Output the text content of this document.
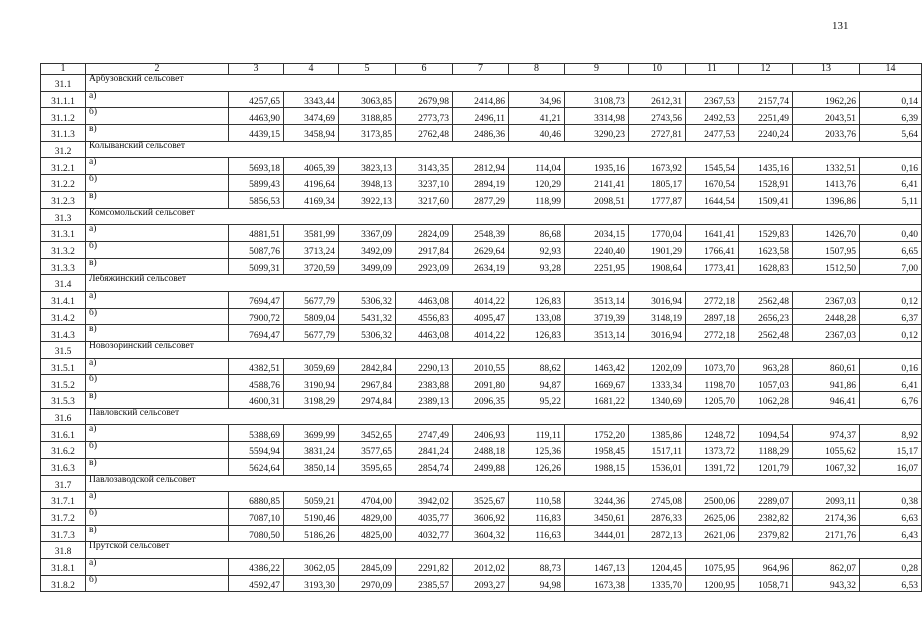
131
1	2	3	4	5	6	7	8	9	10	11	12	13	14
31.1	Арбузовский сельсовет												
31.1.1	а)	4257,65	3343,44	3063,85	2679,98	2414,86	34,96	3108,73	2612,31	2367,53	2157,74	1962,26	0,14
31.1.2	б)	4463,90	3474,69	3188,85	2773,73	2496,11	41,21	3314,98	2743,56	2492,53	2251,49	2043,51	6,39
31.1.3	в)	4439,15	3458,94	3173,85	2762,48	2486,36	40,46	3290,23	2727,81	2477,53	2240,24	2033,76	5,64
31.2	Колыванский сельсовет												
31.2.1	а)	5693,18	4065,39	3823,13	3143,35	2812,94	114,04	1935,16	1673,92	1545,54	1435,16	1332,51	0,16
31.2.2	б)	5899,43	4196,64	3948,13	3237,10	2894,19	120,29	2141,41	1805,17	1670,54	1528,91	1413,76	6,41
31.2.3	в)	5856,53	4169,34	3922,13	3217,60	2877,29	118,99	2098,51	1777,87	1644,54	1509,41	1396,86	5,11
31.3	Комсомольский сельсовет												
31.3.1	а)	4881,51	3581,99	3367,09	2824,09	2548,39	86,68	2034,15	1770,04	1641,41	1529,83	1426,70	0,40
31.3.2	б)	5087,76	3713,24	3492,09	2917,84	2629,64	92,93	2240,40	1901,29	1766,41	1623,58	1507,95	6,65
31.3.3	в)	5099,31	3720,59	3499,09	2923,09	2634,19	93,28	2251,95	1908,64	1773,41	1628,83	1512,50	7,00
31.4	Лебяжинский сельсовет												
31.4.1	а)	7694,47	5677,79	5306,32	4463,08	4014,22	126,83	3513,14	3016,94	2772,18	2562,48	2367,03	0,12
31.4.2	б)	7900,72	5809,04	5431,32	4556,83	4095,47	133,08	3719,39	3148,19	2897,18	2656,23	2448,28	6,37
31.4.3	в)	7694,47	5677,79	5306,32	4463,08	4014,22	126,83	3513,14	3016,94	2772,18	2562,48	2367,03	0,12
31.5	Новозоринский сельсовет												
31.5.1	а)	4382,51	3059,69	2842,84	2290,13	2010,55	88,62	1463,42	1202,09	1073,70	963,28	860,61	0,16
31.5.2	б)	4588,76	3190,94	2967,84	2383,88	2091,80	94,87	1669,67	1333,34	1198,70	1057,03	941,86	6,41
31.5.3	в)	4600,31	3198,29	2974,84	2389,13	2096,35	95,22	1681,22	1340,69	1205,70	1062,28	946,41	6,76
31.6	Павловский сельсовет												
31.6.1	а)	5388,69	3699,99	3452,65	2747,49	2406,93	119,11	1752,20	1385,86	1248,72	1094,54	974,37	8,92
31.6.2	б)	5594,94	3831,24	3577,65	2841,24	2488,18	125,36	1958,45	1517,11	1373,72	1188,29	1055,62	15,17
31.6.3	в)	5624,64	3850,14	3595,65	2854,74	2499,88	126,26	1988,15	1536,01	1391,72	1201,79	1067,32	16,07
31.7	Павлозаводской сельсовет												
31.7.1	а)	6880,85	5059,21	4704,00	3942,02	3525,67	110,58	3244,36	2745,08	2500,06	2289,07	2093,11	0,38
31.7.2	б)	7087,10	5190,46	4829,00	4035,77	3606,92	116,83	3450,61	2876,33	2625,06	2382,82	2174,36	6,63
31.7.3	в)	7080,50	5186,26	4825,00	4032,77	3604,32	116,63	3444,01	2872,13	2621,06	2379,82	2171,76	6,43
31.8	Прутской сельсовет												
31.8.1	а)	4386,22	3062,05	2845,09	2291,82	2012,02	88,73	1467,13	1204,45	1075,95	964,96	862,07	0,28
31.8.2	б)	4592,47	3193,30	2970,09	2385,57	2093,27	94,98	1673,38	1335,70	1200,95	1058,71	943,32	6,53
